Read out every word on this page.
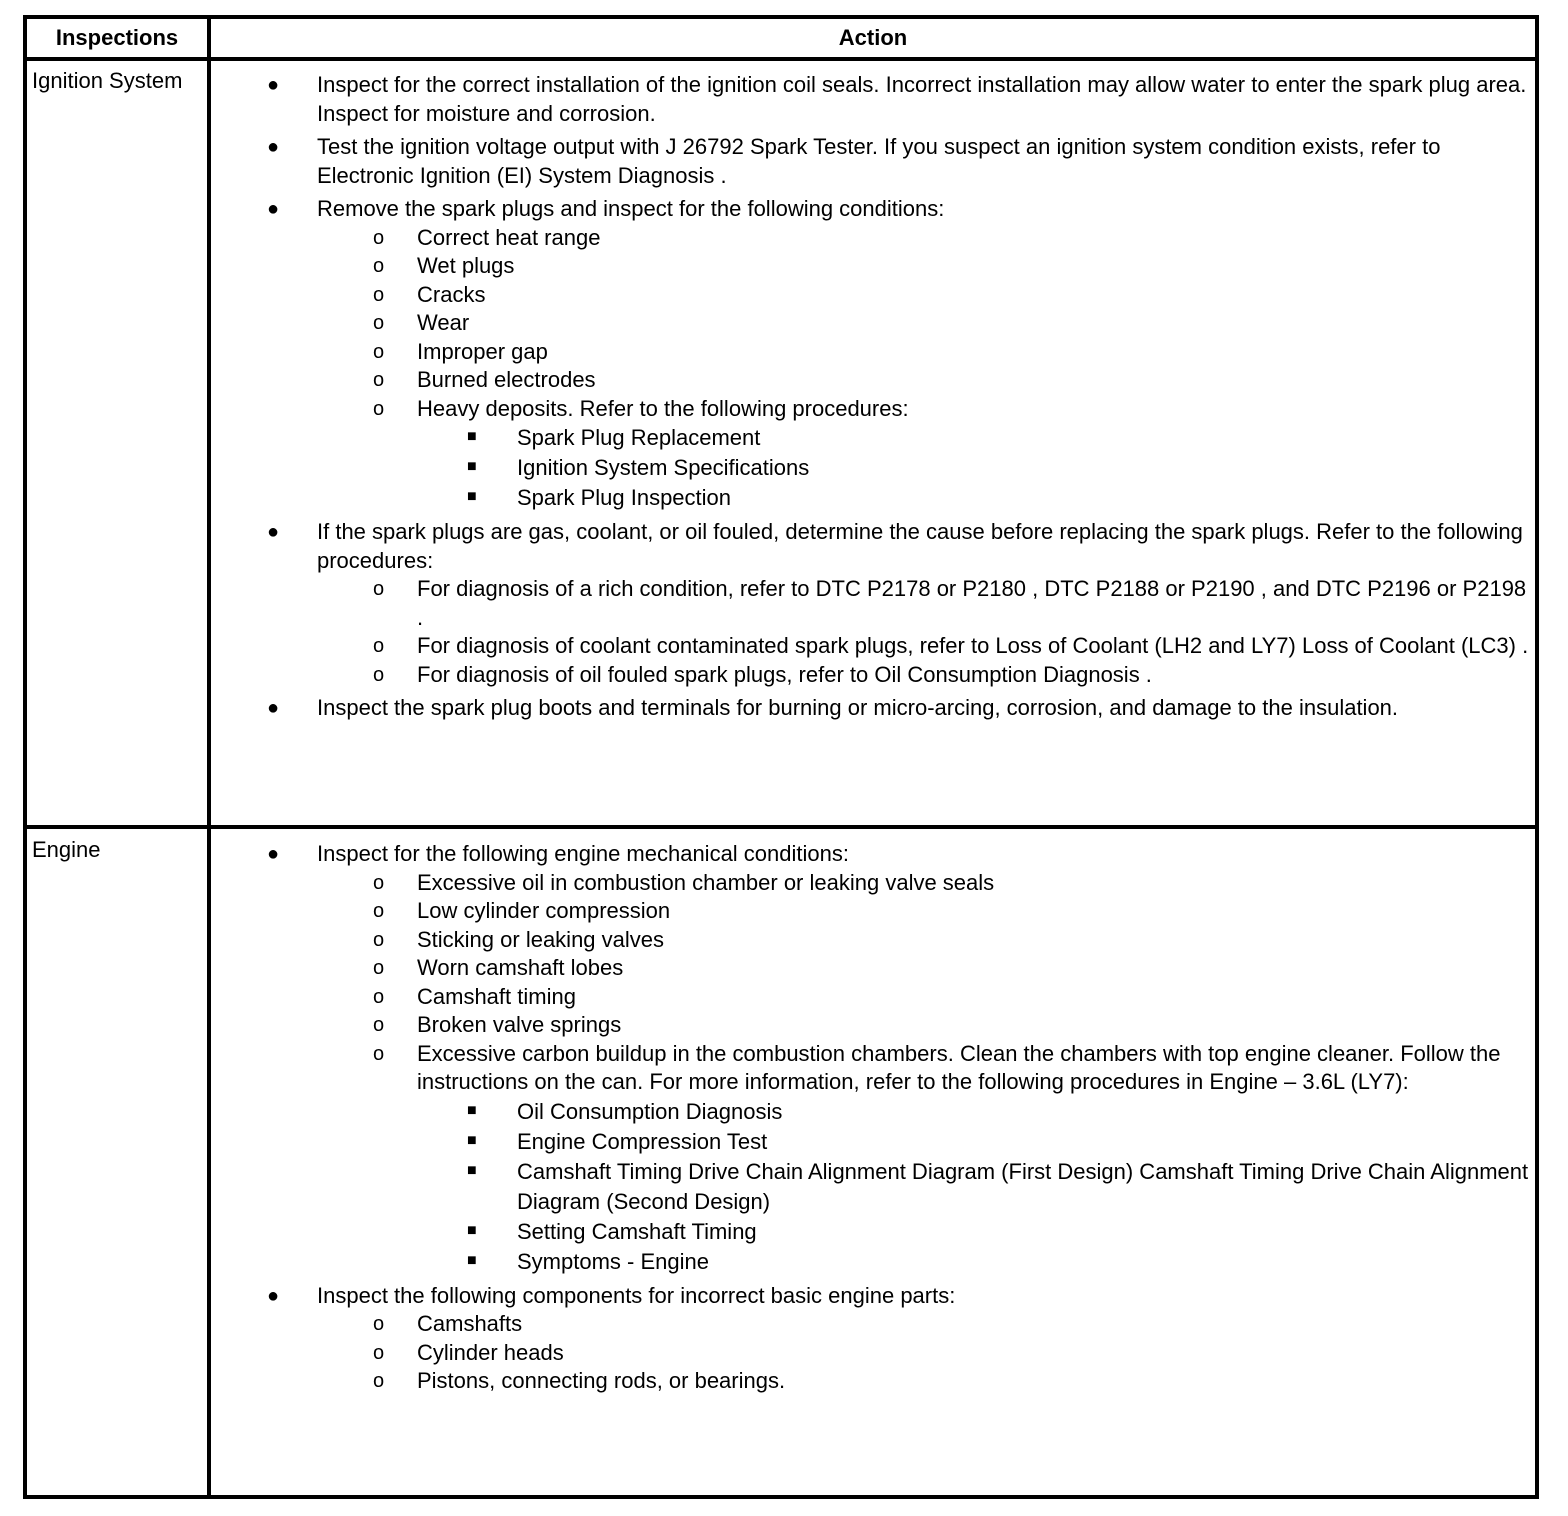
Inspections	Action
Ignition System	● Inspect for the correct installation of the ignition coil seals. Incorrect installation may allow water to enter the spark plug area. Inspect for moisture and corrosion.
● Test the ignition voltage output with J 26792 Spark Tester. If you suspect an ignition system condition exists, refer to Electronic Ignition (EI) System Diagnosis .
● Remove the spark plugs and inspect for the following conditions:
o Correct heat range
o Wet plugs
o Cracks
o Wear
o Improper gap
o Burned electrodes
o Heavy deposits. Refer to the following procedures:
■ Spark Plug Replacement
■ Ignition System Specifications
■ Spark Plug Inspection
● If the spark plugs are gas, coolant, or oil fouled, determine the cause before replacing the spark plugs. Refer to the following procedures:
o For diagnosis of a rich condition, refer to DTC P2178 or P2180 , DTC P2188 or P2190 , and DTC P2196 or P2198 .
o For diagnosis of coolant contaminated spark plugs, refer to Loss of Coolant (LH2 and LY7) Loss of Coolant (LC3) .
o For diagnosis of oil fouled spark plugs, refer to Oil Consumption Diagnosis .
● Inspect the spark plug boots and terminals for burning or micro-arcing, corrosion, and damage to the insulation.
Engine	● Inspect for the following engine mechanical conditions:
o Excessive oil in combustion chamber or leaking valve seals
o Low cylinder compression
o Sticking or leaking valves
o Worn camshaft lobes
o Camshaft timing
o Broken valve springs
o Excessive carbon buildup in the combustion chambers. Clean the chambers with top engine cleaner. Follow the instructions on the can. For more information, refer to the following procedures in Engine – 3.6L (LY7):
■ Oil Consumption Diagnosis
■ Engine Compression Test
■ Camshaft Timing Drive Chain Alignment Diagram (First Design) Camshaft Timing Drive Chain Alignment Diagram (Second Design)
■ Setting Camshaft Timing
■ Symptoms - Engine
● Inspect the following components for incorrect basic engine parts:
o Camshafts
o Cylinder heads
o Pistons, connecting rods, or bearings.
